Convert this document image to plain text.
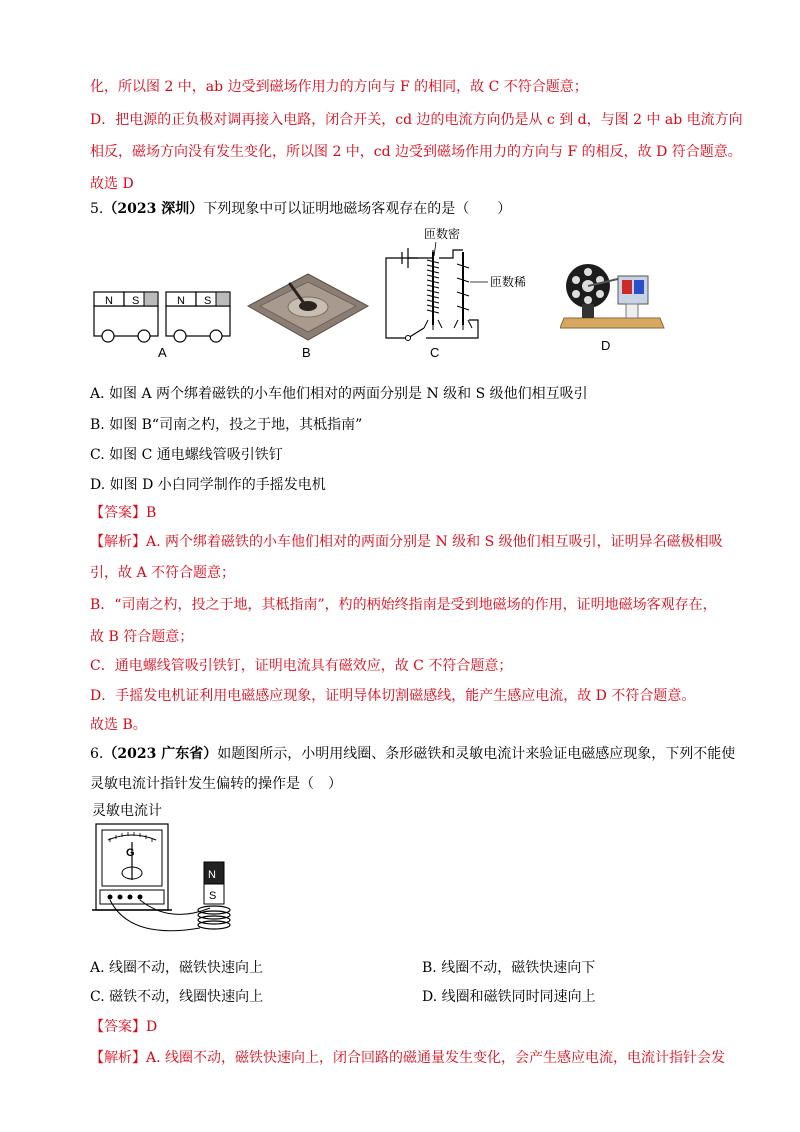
化，所以图 2 中，ab 边受到磁场作用力的方向与 F 的相同，故 C 不符合题意；
D．把电源的正负极对调再接入电路，闭合开关，cd 边的电流方向仍是从 c 到 d，与图 2 中 ab 电流方向
相反，磁场方向没有发生变化，所以图 2 中，cd 边受到磁场作用力的方向与 F 的相反，故 D 符合题意。
故选 D
5.（2023 深圳）下列现象中可以证明地磁场客观存在的是（　　）
N S	N S
A	B
匝数密
匝数稀
C	D
A. 如图 A 两个绑着磁铁的小车他们相对的两面分别是 N 级和 S 级他们相互吸引
B. 如图 B“司南之杓，投之于地，其柢指南”
C. 如图 C 通电螺线管吸引铁钉
D. 如图 D 小白同学制作的手摇发电机
【答案】B
【解析】A. 两个绑着磁铁的小车他们相对的两面分别是 N 级和 S 级他们相互吸引，证明异名磁极相吸
引，故 A 不符合题意；
B．“司南之杓，投之于地，其柢指南”，杓的柄始终指南是受到地磁场的作用，证明地磁场客观存在，
故 B 符合题意；
C．通电螺线管吸引铁钉，证明电流具有磁效应，故 C 不符合题意；
D．手摇发电机证利用电磁感应现象，证明导体切割磁感线，能产生感应电流，故 D 不符合题意。
故选 B。
6.（2023 广东省）如题图所示，小明用线圈、条形磁铁和灵敏电流计来验证电磁感应现象，下列不能使
灵敏电流计指针发生偏转的操作是（　）
灵敏电流计
G
N
S
A. 线圈不动，磁铁快速向上	B. 线圈不动，磁铁快速向下
C. 磁铁不动，线圈快速向上	D. 线圈和磁铁同时同速向上
【答案】D
【解析】A. 线圈不动，磁铁快速向上，闭合回路的磁通量发生变化，会产生感应电流，电流计指针会发
